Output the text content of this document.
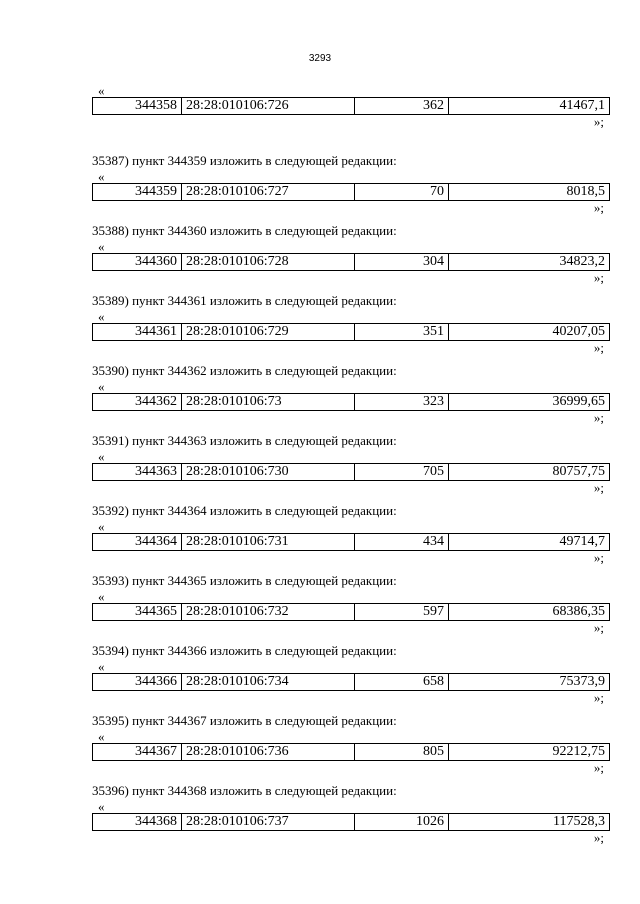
3293
«
344358	28:28:010106:726	362	41467,1
»;
35387) пункт 344359 изложить в следующей редакции:
«
344359	28:28:010106:727	70	8018,5
»;
35388) пункт 344360 изложить в следующей редакции:
«
344360	28:28:010106:728	304	34823,2
»;
35389) пункт 344361 изложить в следующей редакции:
«
344361	28:28:010106:729	351	40207,05
»;
35390) пункт 344362 изложить в следующей редакции:
«
344362	28:28:010106:73	323	36999,65
»;
35391) пункт 344363 изложить в следующей редакции:
«
344363	28:28:010106:730	705	80757,75
»;
35392) пункт 344364 изложить в следующей редакции:
«
344364	28:28:010106:731	434	49714,7
»;
35393) пункт 344365 изложить в следующей редакции:
«
344365	28:28:010106:732	597	68386,35
»;
35394) пункт 344366 изложить в следующей редакции:
«
344366	28:28:010106:734	658	75373,9
»;
35395) пункт 344367 изложить в следующей редакции:
«
344367	28:28:010106:736	805	92212,75
»;
35396) пункт 344368 изложить в следующей редакции:
«
344368	28:28:010106:737	1026	117528,3
»;
